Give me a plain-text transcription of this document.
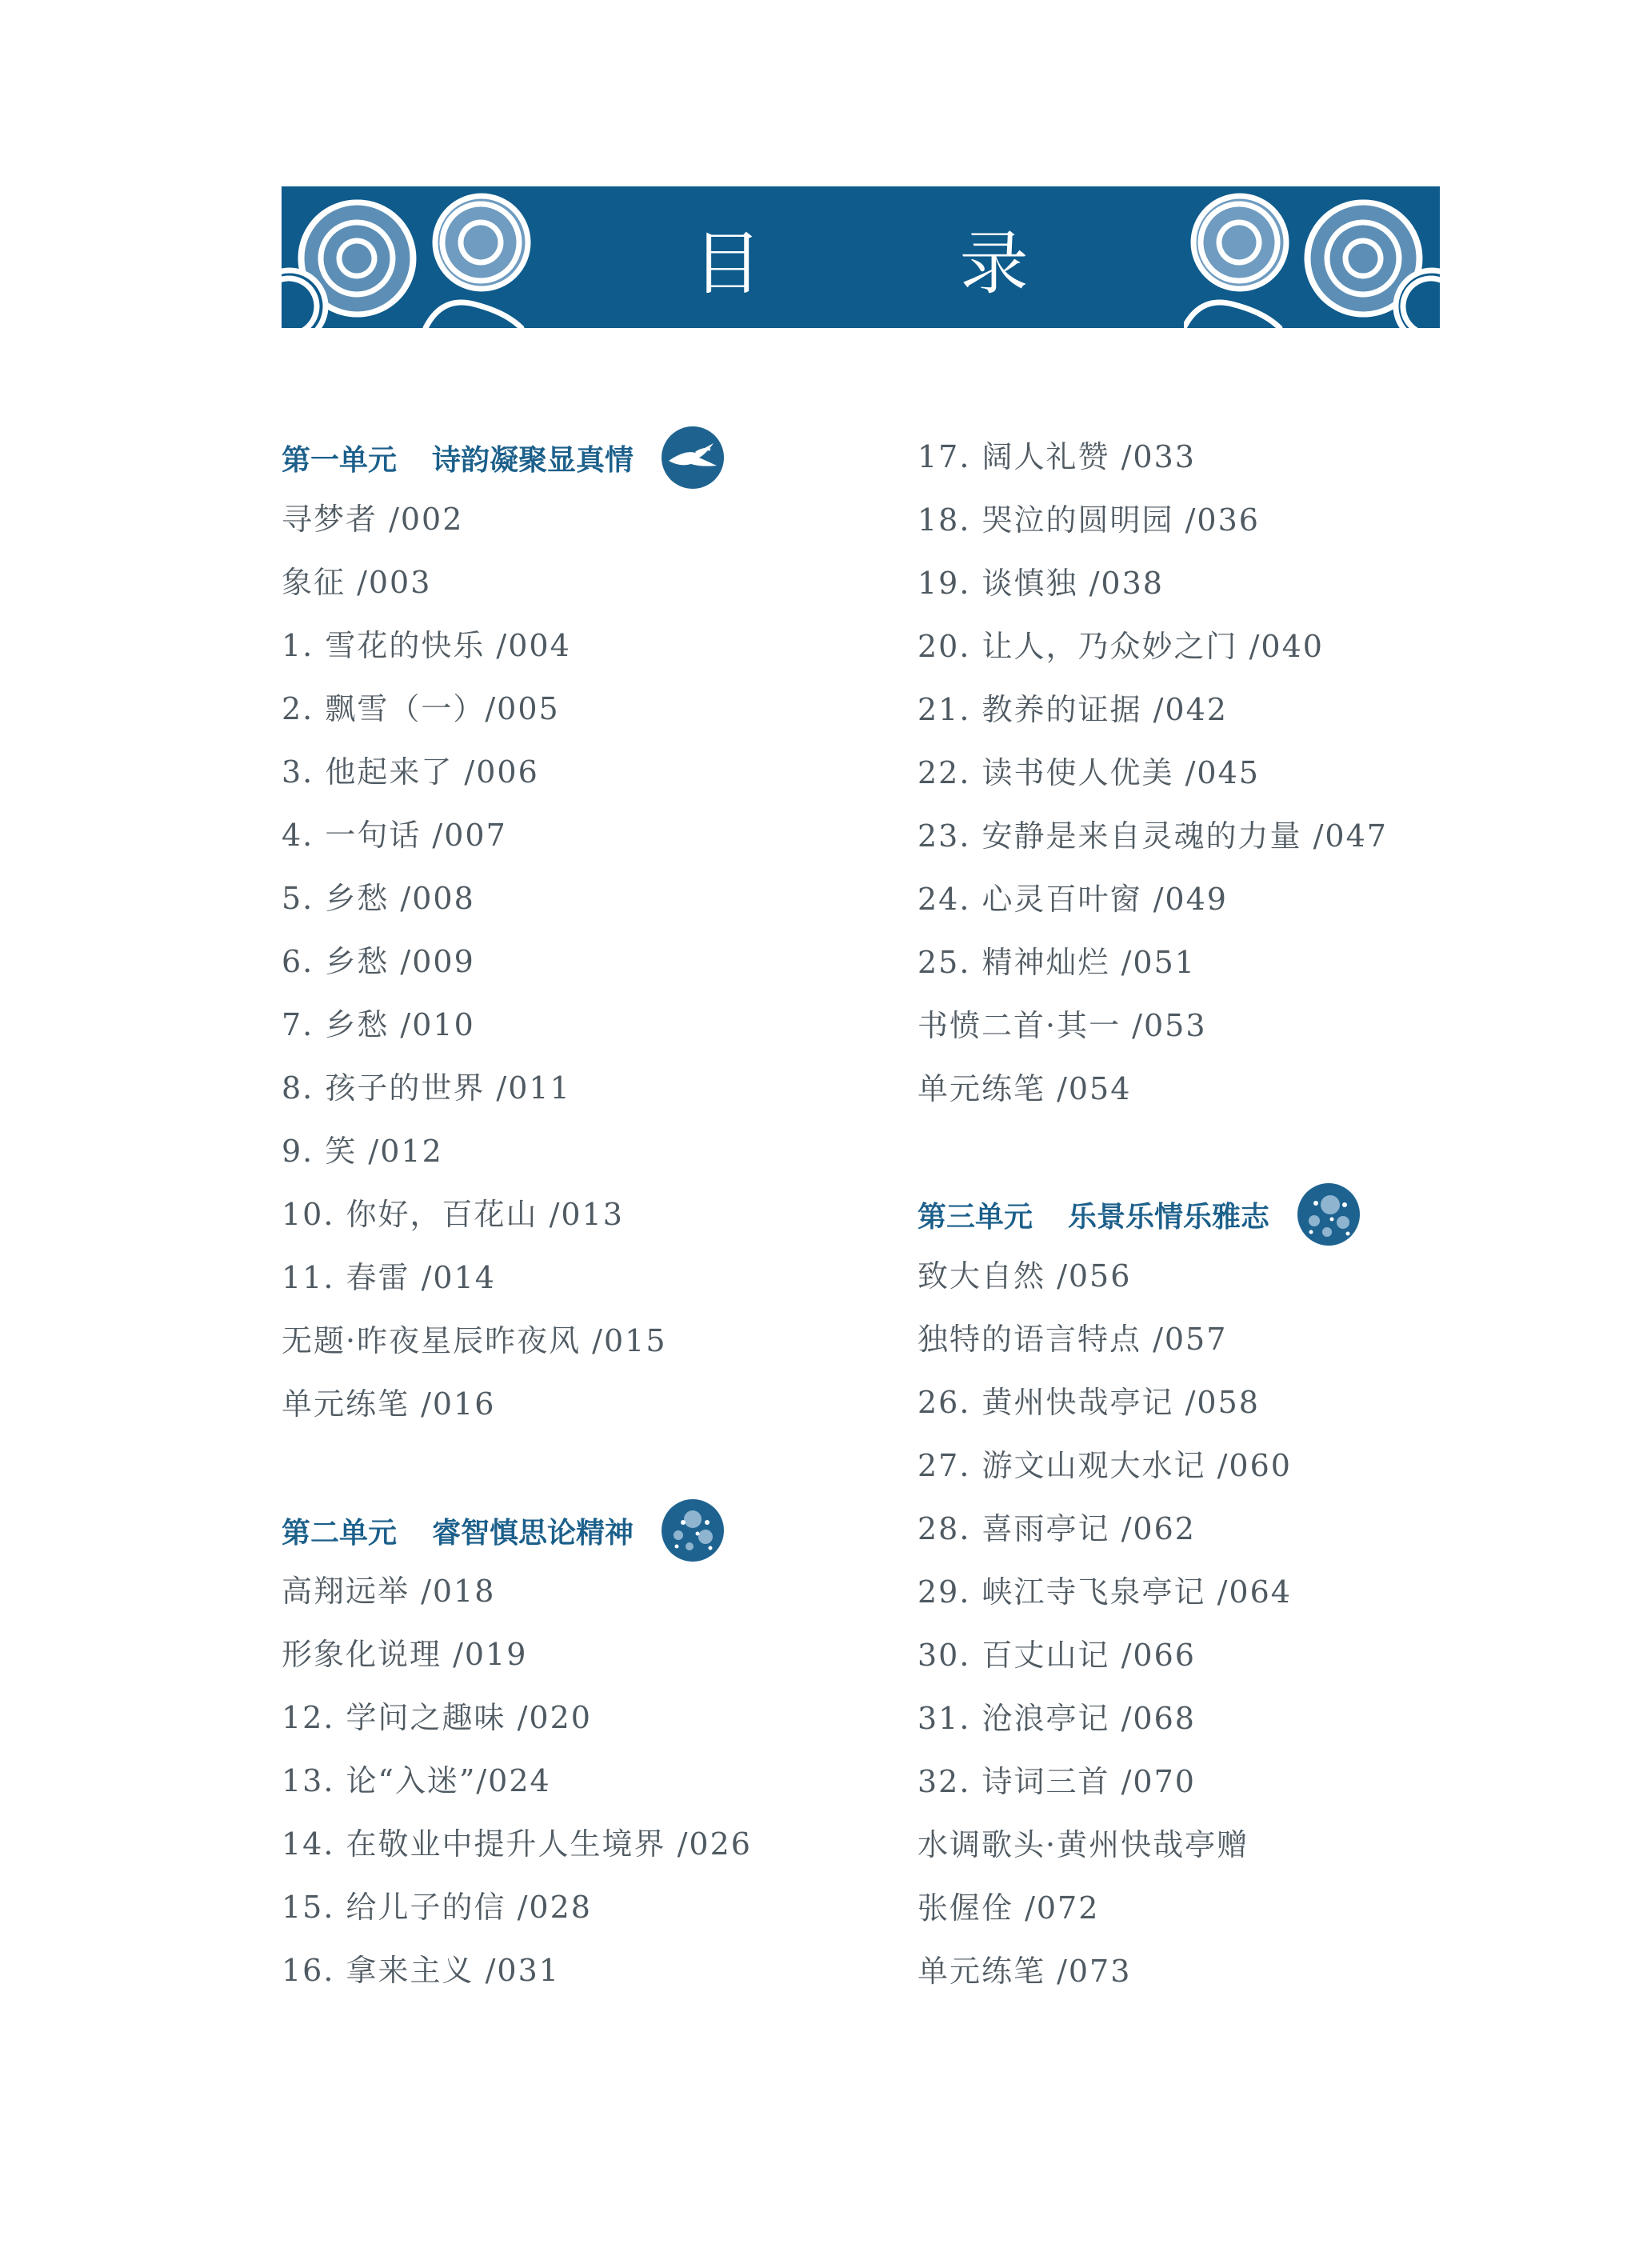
目 录
第一单元 诗韵凝聚显真情
寻梦者 /002
象征 /003
1. 雪花的快乐 /004
2. 飘雪（一）/005
3. 他起来了 /006
4. 一句话 /007
5. 乡愁 /008
6. 乡愁 /009
7. 乡愁 /010
8. 孩子的世界 /011
9. 笑 /012
10. 你好，百花山 /013
11. 春雷 /014
无题·昨夜星辰昨夜风 /015
单元练笔 /016
第二单元 睿智慎思论精神
高翔远举 /018
形象化说理 /019
12. 学问之趣味 /020
13. 论“入迷”/024
14. 在敬业中提升人生境界 /026
15. 给儿子的信 /028
16. 拿来主义 /031
17. 阔人礼赞 /033
18. 哭泣的圆明园 /036
19. 谈慎独 /038
20. 让人，乃众妙之门 /040
21. 教养的证据 /042
22. 读书使人优美 /045
23. 安静是来自灵魂的力量 /047
24. 心灵百叶窗 /049
25. 精神灿烂 /051
书愤二首·其一 /053
单元练笔 /054
第三单元 乐景乐情乐雅志
致大自然 /056
独特的语言特点 /057
26. 黄州快哉亭记 /058
27. 游文山观大水记 /060
28. 喜雨亭记 /062
29. 峡江寺飞泉亭记 /064
30. 百丈山记 /066
31. 沧浪亭记 /068
32. 诗词三首 /070
水调歌头·黄州快哉亭赠
张偓佺 /072
单元练笔 /073
